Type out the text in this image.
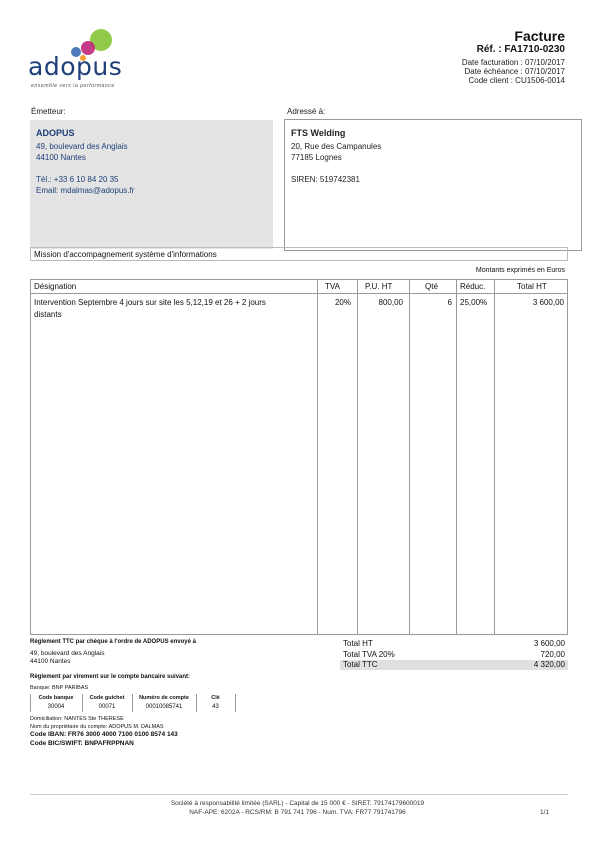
adopus
ensemble vers la performance
Facture
Réf. : FA1710-0230
Date facturation : 07/10/2017
Date échéance : 07/10/2017
Code client : CU1506-0014
Émetteur:	Adressé à:
ADOPUS
49, boulevard des Anglais
44100 Nantes
Tél.: +33 6 10 84 20 35
Email: mdalmas@adopus.fr
FTS Welding
20, Rue des Campanules
77185 Lognes
SIREN: 519742381
Mission d'accompagnement système d'informations
Montants exprimés en Euros
Désignation	TVA	P.U. HT	Qté	Réduc.	Total HT
Intervention Septembre 4 jours sur site les 5,12,19 et 26 + 2 jours
distants
20%	800,00	6 25,00%	3 600,00
Règlement TTC par chèque à l'ordre de ADOPUS envoyé à
49, boulevard des Anglais
44100 Nantes
Règlement par virement sur le compte bancaire suivant:
Banque: BNP PARIBAS
Code banque	Code guichet	Numéro de compte	Clé
30004	00071	00010085741	43
Domiciliation: NANTES Ste THERESE
Nom du propriétaire du compte: ADOPUS M. DALMAS
Code IBAN: FR76 3000 4000 7100 0100 8574 143
Code BIC/SWIFT: BNPAFRPPNAN
Total HT	3 600,00
Total TVA 20%	720,00
Total TTC	4 320,00
Société à responsabilité limitée (SARL) - Capital de 15 000 € - SIRET: 79174179600019
NAF-APE: 6202A - RCS/RM: B 791 741 796 - Num. TVA: FR77 791741796	1/1
